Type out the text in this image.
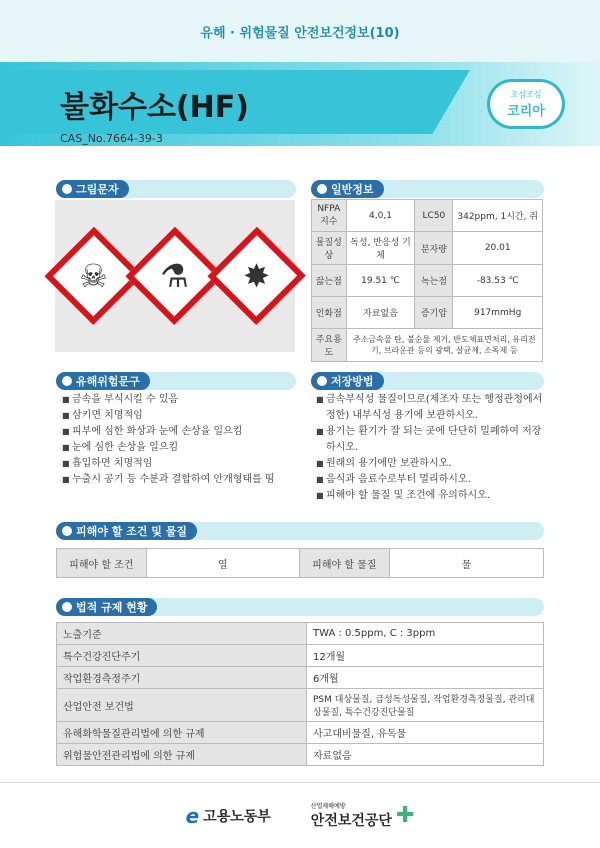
유해 · 위험물질 안전보건정보(10)
불화수소(HF)
CAS_No.7664-39-3
조심조심
코리아
그림문자
☠ ⚗ ✸
일반정보
NFPA지수	4,0,1	LC50	342ppm, 1시간, 쥐
물질성상	독성, 반응성 기체	분자량	20.01
끓는점	19.51 ℃	녹는점	-83.53 ℃
인화점	자료없음	증기압	917mmHg
주요용도	주소금속물 탄, 불순물 제거, 반도체표면처리, 유리전기, 브라운관 등의 광택, 살균제, 소독제 등		
유해위험문구
■ 금속을 부식시킬 수 있음
■ 삼키면 치명적임
■ 피부에 심한 화상과 눈에 손상을 일으킴
■ 눈에 심한 손상을 일으킴
■ 흡입하면 치명적임
■ 누출시 공기 등 수분과 결합하여 안개형태를 띰
저장방법
■ 금속부식성 물질이므로(제조자 또는 행정관청에서 정한) 내부식성 용기에 보관하시오.
■ 용기는 환기가 잘 되는 곳에 단단히 밀폐하여 저장하시오.
■ 원래의 용기에만 보관하시오.
■ 음식과 음료수로부터 멀리하시오.
■ 피해야 할 물질 및 조건에 유의하시오.
피해야 할 조건 및 물질
피해야 할 조건	열	피해야 할 물질	물
법적 규제 현황
노출기준	TWA : 0.5ppm, C : 3ppm
특수건강진단주기	12개월
작업환경측정주기	6개월
산업안전 보건법	PSM 대상물질, 급성독성물질, 작업환경측정물질, 관리대상물질, 특수건강진단물질
유해화학물질관리법에 의한 규제	사고대비물질, 유독물
위험물안전관리법에 의한 규제	자료없음
e 고용노동부
산업재해예방
안전보건공단 ✚
